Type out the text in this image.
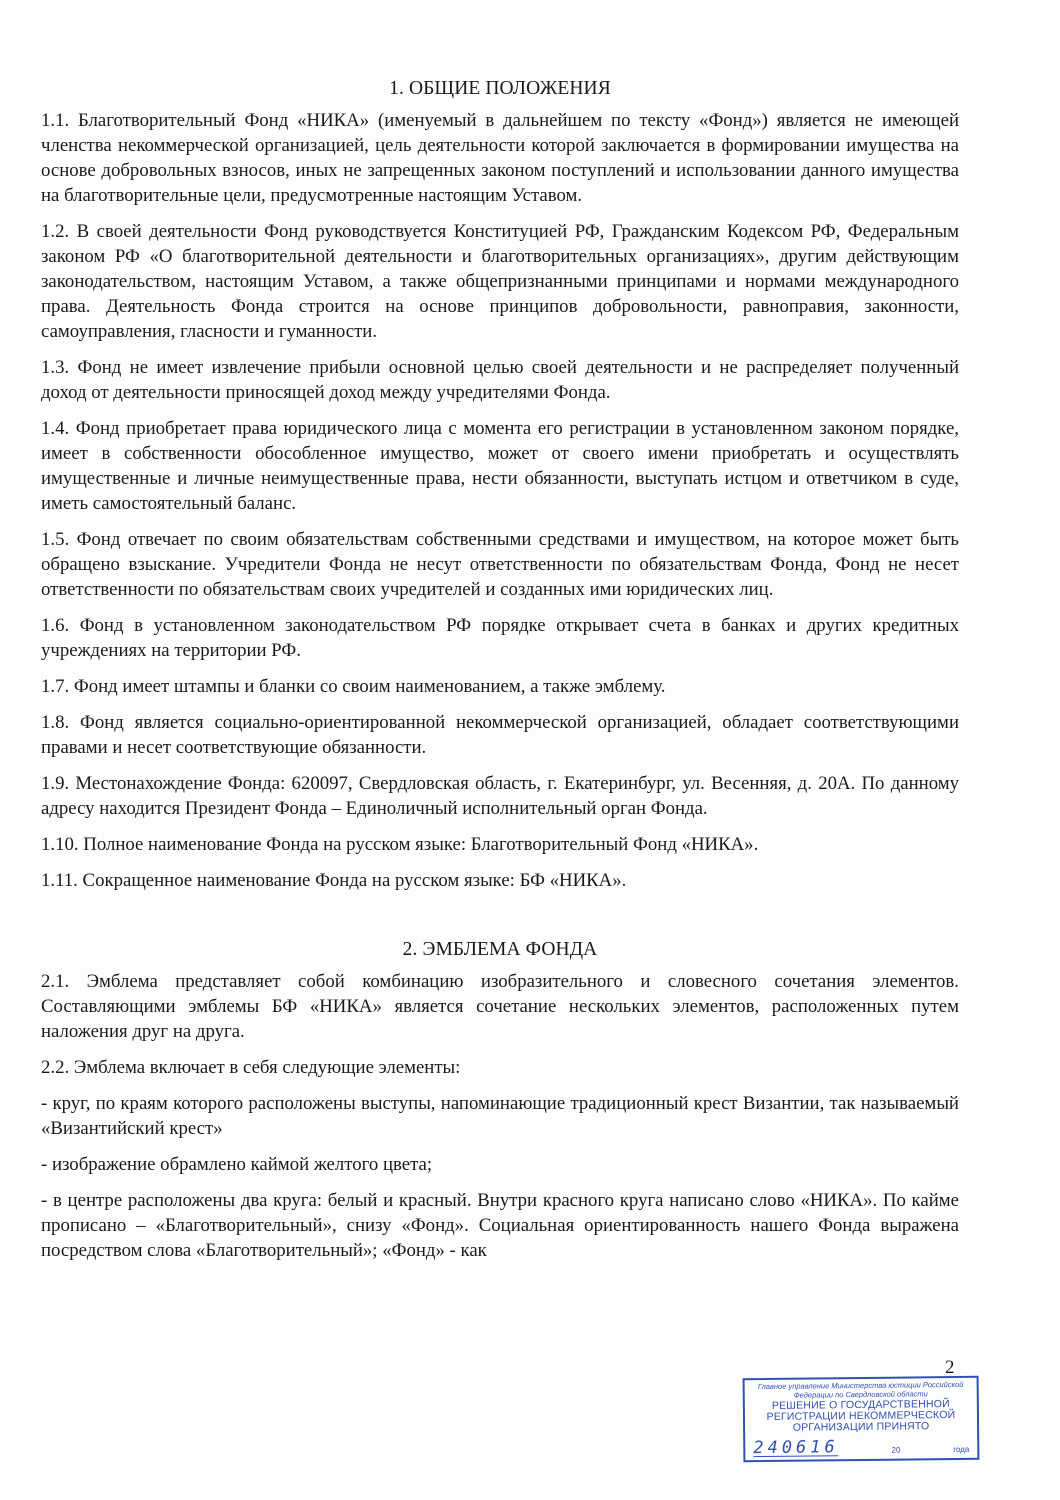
1. ОБЩИЕ ПОЛОЖЕНИЯ

1.1. Благотворительный Фонд «НИКА» (именуемый в дальнейшем по тексту «Фонд») является не имеющей членства некоммерческой организацией, цель деятельности которой заключается в формировании имущества на основе добровольных взносов, иных не запрещенных законом поступлений и использовании данного имущества на благотворительные цели, предусмотренные настоящим Уставом.

1.2. В своей деятельности Фонд руководствуется Конституцией РФ, Гражданским Кодексом РФ, Федеральным законом РФ «О благотворительной деятельности и благотворительных организациях», другим действующим законодательством, настоящим Уставом, а также общепризнанными принципами и нормами международного права. Деятельность Фонда строится на основе принципов добровольности, равноправия, законности, самоуправления, гласности и гуманности.

1.3. Фонд не имеет извлечение прибыли основной целью своей деятельности и не распределяет полученный доход от деятельности приносящей доход между учредителями Фонда.

1.4. Фонд приобретает права юридического лица с момента его регистрации в установленном законом порядке, имеет в собственности обособленное имущество, может от своего имени приобретать и осуществлять имущественные и личные неимущественные права, нести обязанности, выступать истцом и ответчиком в суде, иметь самостоятельный баланс.

1.5. Фонд отвечает по своим обязательствам собственными средствами и имуществом, на которое может быть обращено взыскание. Учредители Фонда не несут ответственности по обязательствам Фонда, Фонд не несет ответственности по обязательствам своих учредителей и созданных ими юридических лиц.

1.6. Фонд в установленном законодательством РФ порядке открывает счета в банках и других кредитных учреждениях на территории РФ.

1.7. Фонд имеет штампы и бланки со своим наименованием, а также эмблему.

1.8. Фонд является социально-ориентированной некоммерческой организацией, обладает соответствующими правами и несет соответствующие обязанности.

1.9. Местонахождение Фонда: 620097, Свердловская область, г. Екатеринбург, ул. Весенняя, д. 20А. По данному адресу находится Президент Фонда – Единоличный исполнительный орган Фонда.

1.10. Полное наименование Фонда на русском языке: Благотворительный Фонд «НИКА».

1.11. Сокращенное наименование Фонда на русском языке: БФ «НИКА».

2. ЭМБЛЕМА ФОНДА

2.1. Эмблема представляет собой комбинацию изобразительного и словесного сочетания элементов. Составляющими эмблемы БФ «НИКА» является сочетание нескольких элементов, расположенных путем наложения друг на друга.

2.2. Эмблема включает в себя следующие элементы:

- круг, по краям которого расположены выступы, напоминающие традиционный крест Византии, так называемый «Византийский крест»

- изображение обрамлено каймой желтого цвета;

- в центре расположены два круга: белый и красный. Внутри красного круга написано слово «НИКА». По кайме прописано – «Благотворительный», снизу «Фонд». Социальная ориентированность нашего Фонда выражена посредством слова «Благотворительный»; «Фонд» - как

2
Главное управление Министерства юстиции Российской Федерации по Свердловской области
РЕШЕНИЕ О ГОСУДАРСТВЕННОЙ РЕГИСТРАЦИИ НЕКОММЕРЧЕСКОЙ ОРГАНИЗАЦИИ ПРИНЯТО
240616	20	года
